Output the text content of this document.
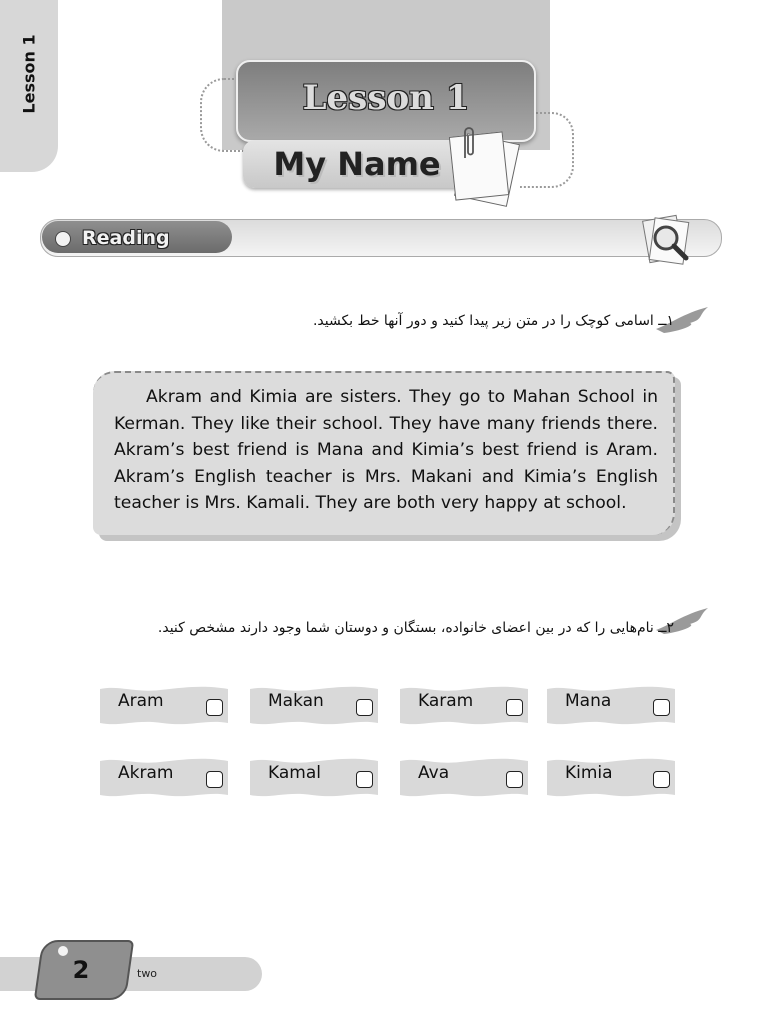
Lesson 1	Lesson 1
My Name
Reading
۱ــ اسامی کوچک را در متن زیر پیدا کنید و دور آنها خط بکشید.

Akram and Kimia are sisters. They go to Mahan School in Kerman. They like their school. They have many friends there. Akram’s best friend is Mana and Kimia’s best friend is Aram. Akram’s English teacher is Mrs. Makani and Kimia’s English teacher is Mrs. Kamali. They are both very happy at school.

۲ــ نام‌هایی را که در بین اعضای خانواده، بستگان و دوستان شما وجود دارند مشخص کنید.
Aram	Makan	Karam	Mana
Akram	Kamal	Ava	Kimia
2	two
